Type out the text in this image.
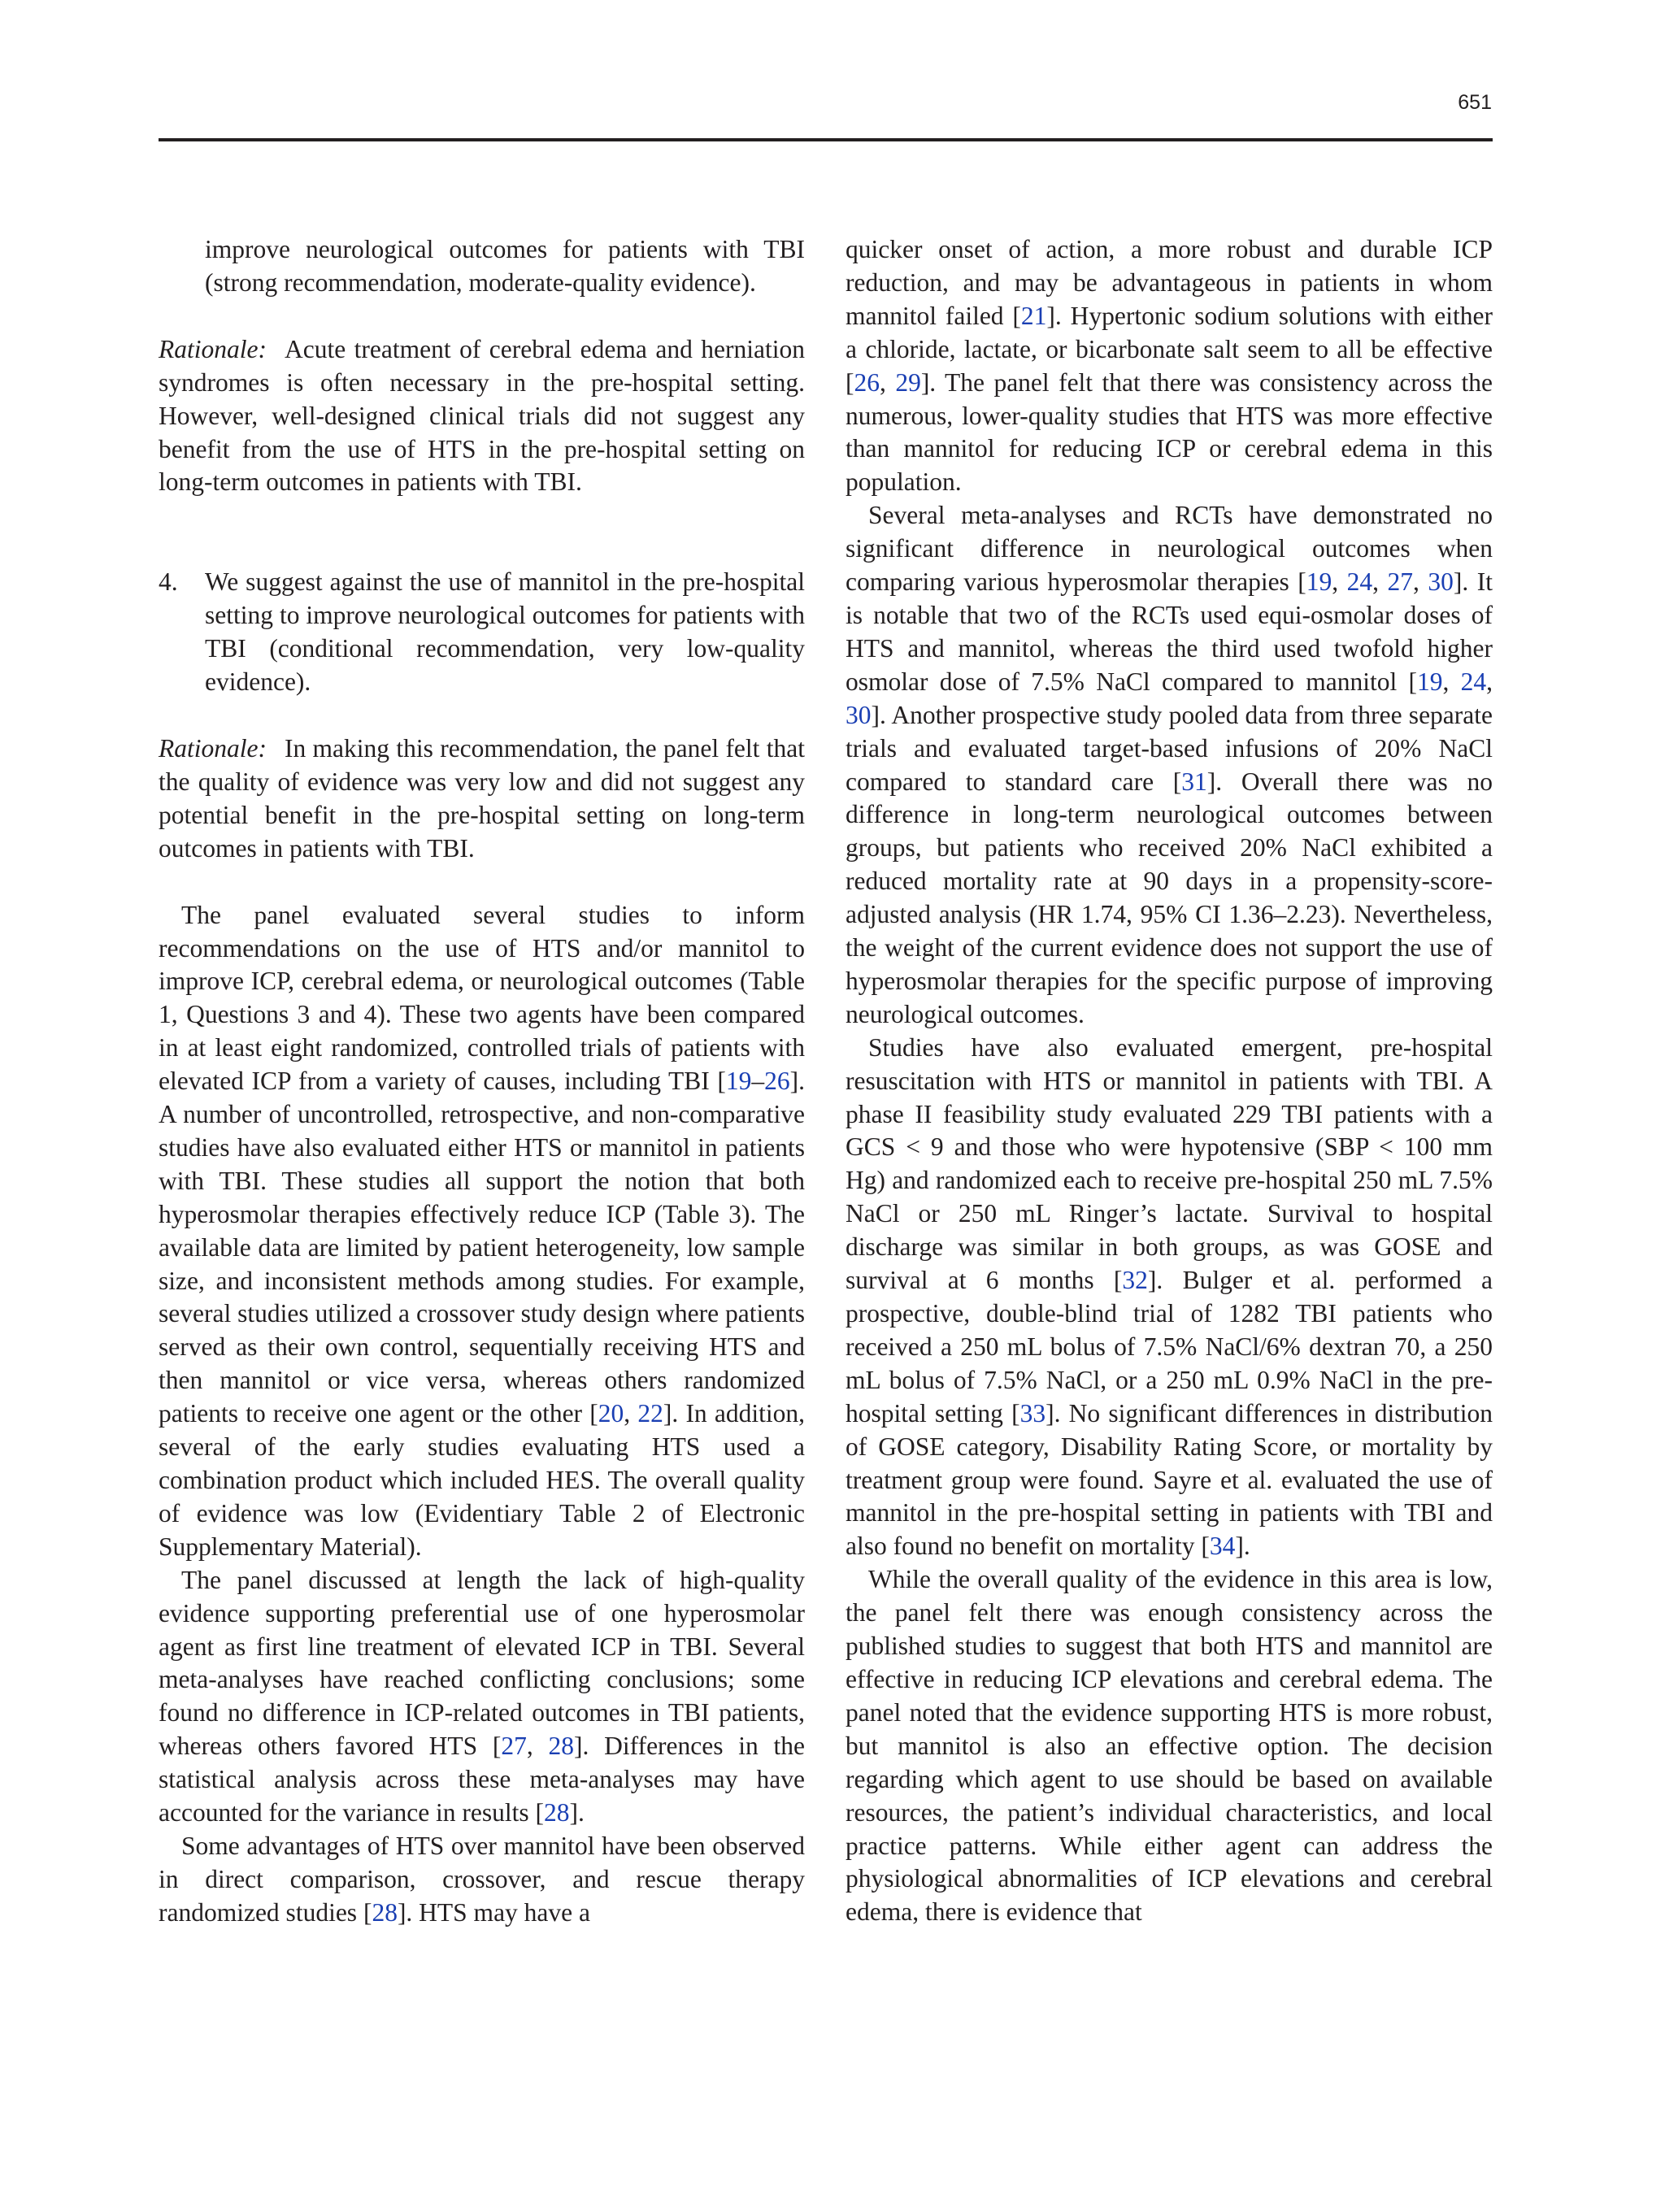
651

improve neurological outcomes for patients with TBI (strong recommendation, moderate-quality evidence).

Rationale: Acute treatment of cerebral edema and herniation syndromes is often necessary in the pre-hospital setting. However, well-designed clinical trials did not suggest any benefit from the use of HTS in the pre-hospital setting on long-term outcomes in patients with TBI.

4. We suggest against the use of mannitol in the pre-hospital setting to improve neurological outcomes for patients with TBI (conditional recommendation, very low-quality evidence).

Rationale: In making this recommendation, the panel felt that the quality of evidence was very low and did not suggest any potential benefit in the pre-hospital setting on long-term outcomes in patients with TBI.

The panel evaluated several studies to inform recommendations on the use of HTS and/or mannitol to improve ICP, cerebral edema, or neurological outcomes (Table 1, Questions 3 and 4). These two agents have been compared in at least eight randomized, controlled trials of patients with elevated ICP from a variety of causes, including TBI [19–26]. A number of uncontrolled, retrospective, and non-comparative studies have also evaluated either HTS or mannitol in patients with TBI. These studies all support the notion that both hyperosmolar therapies effectively reduce ICP (Table 3). The available data are limited by patient heterogeneity, low sample size, and inconsistent methods among studies. For example, several studies utilized a crossover study design where patients served as their own control, sequentially receiving HTS and then mannitol or vice versa, whereas others randomized patients to receive one agent or the other [20, 22]. In addition, several of the early studies evaluating HTS used a combination product which included HES. The overall quality of evidence was low (Evidentiary Table 2 of Electronic Supplementary Material).

The panel discussed at length the lack of high-quality evidence supporting preferential use of one hyperosmolar agent as first line treatment of elevated ICP in TBI. Several meta-analyses have reached conflicting conclusions; some found no difference in ICP-related outcomes in TBI patients, whereas others favored HTS [27, 28]. Differences in the statistical analysis across these meta-analyses may have accounted for the variance in results [28].

Some advantages of HTS over mannitol have been observed in direct comparison, crossover, and rescue therapy randomized studies [28]. HTS may have a

quicker onset of action, a more robust and durable ICP reduction, and may be advantageous in patients in whom mannitol failed [21]. Hypertonic sodium solutions with either a chloride, lactate, or bicarbonate salt seem to all be effective [26, 29]. The panel felt that there was consistency across the numerous, lower-quality studies that HTS was more effective than mannitol for reducing ICP or cerebral edema in this population.

Several meta-analyses and RCTs have demonstrated no significant difference in neurological outcomes when comparing various hyperosmolar therapies [19, 24, 27, 30]. It is notable that two of the RCTs used equi-osmolar doses of HTS and mannitol, whereas the third used twofold higher osmolar dose of 7.5% NaCl compared to mannitol [19, 24, 30]. Another prospective study pooled data from three separate trials and evaluated target-based infusions of 20% NaCl compared to standard care [31]. Overall there was no difference in long-term neurological outcomes between groups, but patients who received 20% NaCl exhibited a reduced mortality rate at 90 days in a propensity-score-adjusted analysis (HR 1.74, 95% CI 1.36–2.23). Nevertheless, the weight of the current evidence does not support the use of hyperosmolar therapies for the specific purpose of improving neurological outcomes.

Studies have also evaluated emergent, pre-hospital resuscitation with HTS or mannitol in patients with TBI. A phase II feasibility study evaluated 229 TBI patients with a GCS < 9 and those who were hypotensive (SBP < 100 mm Hg) and randomized each to receive pre-hospital 250 mL 7.5% NaCl or 250 mL Ringer’s lactate. Survival to hospital discharge was similar in both groups, as was GOSE and survival at 6 months [32]. Bulger et al. performed a prospective, double-blind trial of 1282 TBI patients who received a 250 mL bolus of 7.5% NaCl/6% dextran 70, a 250 mL bolus of 7.5% NaCl, or a 250 mL 0.9% NaCl in the pre-hospital setting [33]. No significant differences in distribution of GOSE category, Disability Rating Score, or mortality by treatment group were found. Sayre et al. evaluated the use of mannitol in the pre-hospital setting in patients with TBI and also found no benefit on mortality [34].

While the overall quality of the evidence in this area is low, the panel felt there was enough consistency across the published studies to suggest that both HTS and mannitol are effective in reducing ICP elevations and cerebral edema. The panel noted that the evidence supporting HTS is more robust, but mannitol is also an effective option. The decision regarding which agent to use should be based on available resources, the patient’s individual characteristics, and local practice patterns. While either agent can address the physiological abnormalities of ICP elevations and cerebral edema, there is evidence that
